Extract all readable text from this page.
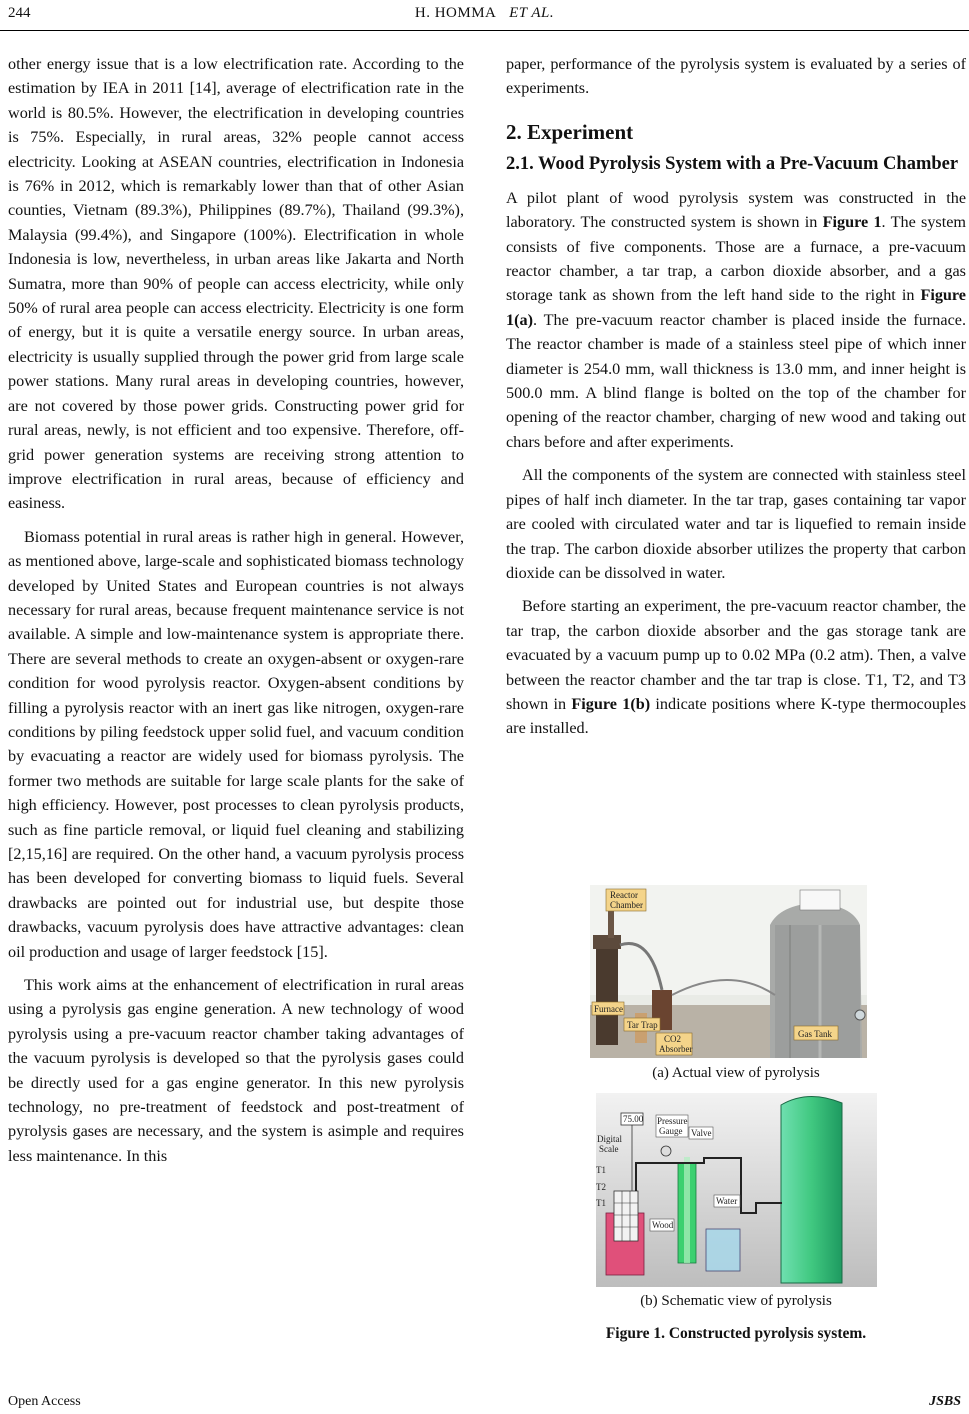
244	H. HOMMA ET AL.

other energy issue that is a low electrification rate. According to the estimation by IEA in 2011 [14], average of electrification rate in the world is 80.5%. However, the electrification in developing countries is 75%. Especially, in rural areas, 32% people cannot access electricity. Looking at ASEAN countries, electrification in Indonesia is 76% in 2012, which is remarkably lower than that of other Asian counties, Vietnam (89.3%), Philippines (89.7%), Thailand (99.3%), Malaysia (99.4%), and Singapore (100%). Electrification in whole Indonesia is low, nevertheless, in urban areas like Jakarta and North Sumatra, more than 90% of people can access electricity, while only 50% of rural area people can access electricity. Electricity is one form of energy, but it is quite a versatile energy source. In urban areas, electricity is usually supplied through the power grid from large scale power stations. Many rural areas in developing countries, however, are not covered by those power grids. Constructing power grid for rural areas, newly, is not efficient and too expensive. Therefore, off-grid power generation systems are receiving strong attention to improve electrification in rural areas, because of efficiency and easiness.

Biomass potential in rural areas is rather high in general. However, as mentioned above, large-scale and sophisticated biomass technology developed by United States and European countries is not always necessary for rural areas, because frequent maintenance service is not available. A simple and low-maintenance system is appropriate there. There are several methods to create an oxygen-absent or oxygen-rare condition for wood pyrolysis reactor. Oxygen-absent conditions by filling a pyrolysis reactor with an inert gas like nitrogen, oxygen-rare conditions by piling feedstock upper solid fuel, and vacuum condition by evacuating a reactor are widely used for biomass pyrolysis. The former two methods are suitable for large scale plants for the sake of high efficiency. However, post processes to clean pyrolysis products, such as fine particle removal, or liquid fuel cleaning and stabilizing [2,15,16] are required. On the other hand, a vacuum pyrolysis process has been developed for converting biomass to liquid fuels. Several drawbacks are pointed out for industrial use, but despite those drawbacks, vacuum pyrolysis does have attractive advantages: clean oil production and usage of larger feedstock [15].

This work aims at the enhancement of electrification in rural areas using a pyrolysis gas engine generation. A new technology of wood pyrolysis using a pre-vacuum reactor chamber taking advantages of the vacuum pyrolysis is developed so that the pyrolysis gases could be directly used for a gas engine generator. In this new pyrolysis technology, no pre-treatment of feedstock and post-treatment of pyrolysis gases are necessary, and the system is asimple and requires less maintenance. In this

paper, performance of the pyrolysis system is evaluated by a series of experiments.

2. Experiment
2.1. Wood Pyrolysis System with a Pre-Vacuum Chamber

A pilot plant of wood pyrolysis system was constructed in the laboratory. The constructed system is shown in Figure 1. The system consists of five components. Those are a furnace, a pre-vacuum reactor chamber, a tar trap, a carbon dioxide absorber, and a gas storage tank as shown from the left hand side to the right in Figure 1(a). The pre-vacuum reactor chamber is placed inside the furnace. The reactor chamber is made of a stainless steel pipe of which inner diameter is 254.0 mm, wall thickness is 13.0 mm, and inner height is 500.0 mm. A blind flange is bolted on the top of the chamber for opening of the reactor chamber, charging of new wood and taking out chars before and after experiments.

All the components of the system are connected with stainless steel pipes of half inch diameter. In the tar trap, gases containing tar vapor are cooled with circulated water and tar is liquefied to remain inside the trap. The carbon dioxide absorber utilizes the property that carbon dioxide can be dissolved in water.

Before starting an experiment, the pre-vacuum reactor chamber, the tar trap, the carbon dioxide absorber and the gas storage tank are evacuated by a vacuum pump up to 0.02 MPa (0.2 atm). Then, a valve between the reactor chamber and the tar trap is close. T1, T2, and T3 shown in Figure 1(b) indicate positions where K-type thermocouples are installed.

Reactor
Chamber
Furnace
Tar Trap
CO2
Absorber
Gas Tank
(a) Actual view of pyrolysis
75.00 Pressure
Gauge Valve
Digital
Scale
T1
T2
T1	Water
Wood
(b) Schematic view of pyrolysis
Figure 1. Constructed pyrolysis system.
Open Access	JSBS
